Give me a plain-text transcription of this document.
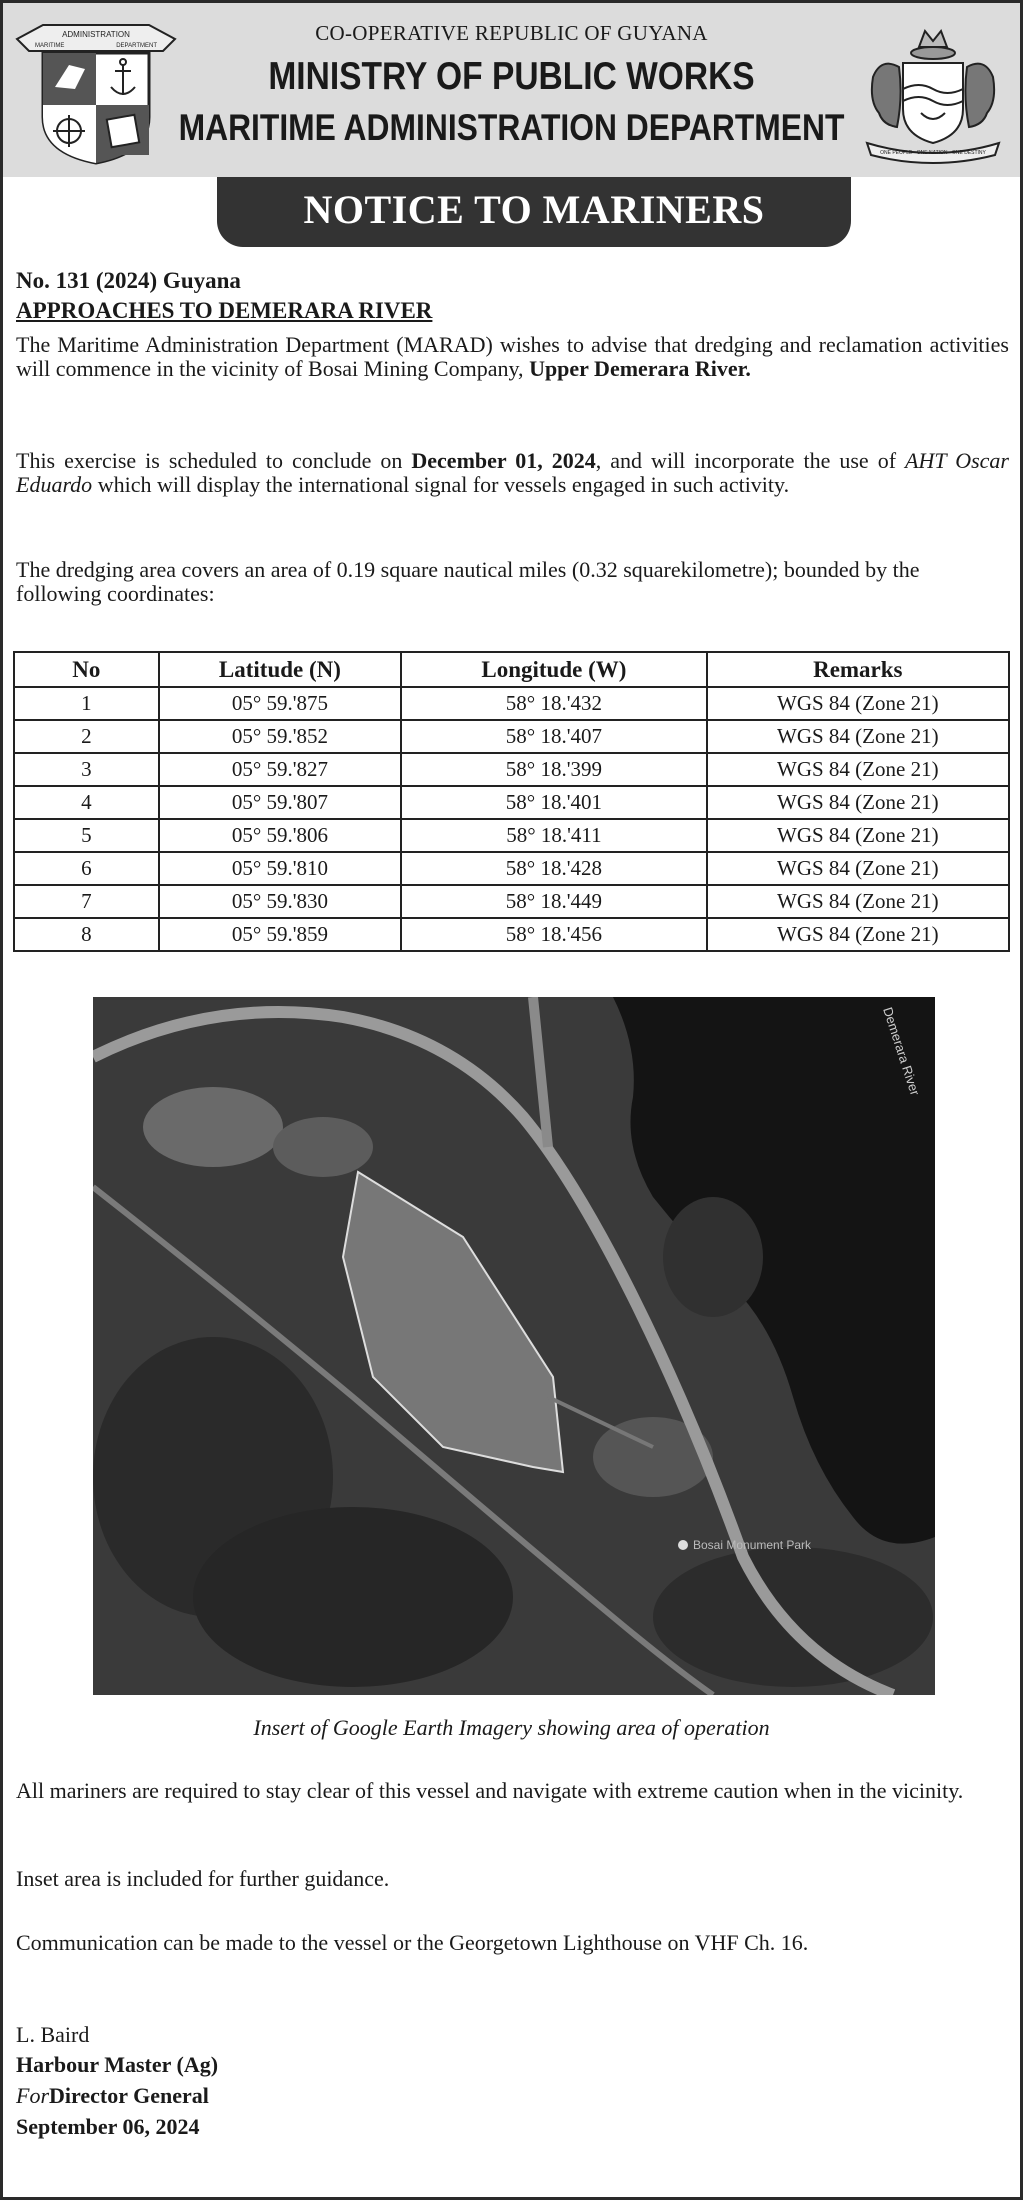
ADMINISTRATION
MARITIME	DEPARTMENT
CO-OPERATIVE REPUBLIC OF GUYANA
MINISTRY OF PUBLIC WORKS
MARITIME ADMINISTRATION DEPARTMENT
ONE PEOPLE · ONE NATION · ONE DESTINY
NOTICE TO MARINERS
No. 131 (2024) Guyana
APPROACHES TO DEMERARA RIVER
The Maritime Administration Department (MARAD) wishes to advise that dredging and reclamation activities will commence in the vicinity of Bosai Mining Company, Upper Demerara River.
This exercise is scheduled to conclude on December 01, 2024, and will incorporate the use of AHT Oscar Eduardo which will display the international signal for vessels engaged in such activity.
The dredging area covers an area of 0.19 square nautical miles (0.32 squarekilometre); bounded by the following coordinates:
No	Latitude (N)	Longitude (W)	Remarks
1	05° 59.'875	58° 18.'432	WGS 84 (Zone 21)
2	05° 59.'852	58° 18.'407	WGS 84 (Zone 21)
3	05° 59.'827	58° 18.'399	WGS 84 (Zone 21)
4	05° 59.'807	58° 18.'401	WGS 84 (Zone 21)
5	05° 59.'806	58° 18.'411	WGS 84 (Zone 21)
6	05° 59.'810	58° 18.'428	WGS 84 (Zone 21)
7	05° 59.'830	58° 18.'449	WGS 84 (Zone 21)
8	05° 59.'859	58° 18.'456	WGS 84 (Zone 21)
Demerara River
Bosai Monument Park
Insert of Google Earth Imagery showing area of operation
All mariners are required to stay clear of this vessel and navigate with extreme caution when in the vicinity.
Inset area is included for further guidance.
Communication can be made to the vessel or the Georgetown Lighthouse on VHF Ch. 16.
L. Baird
Harbour Master (Ag)
ForDirector General
September 06, 2024
